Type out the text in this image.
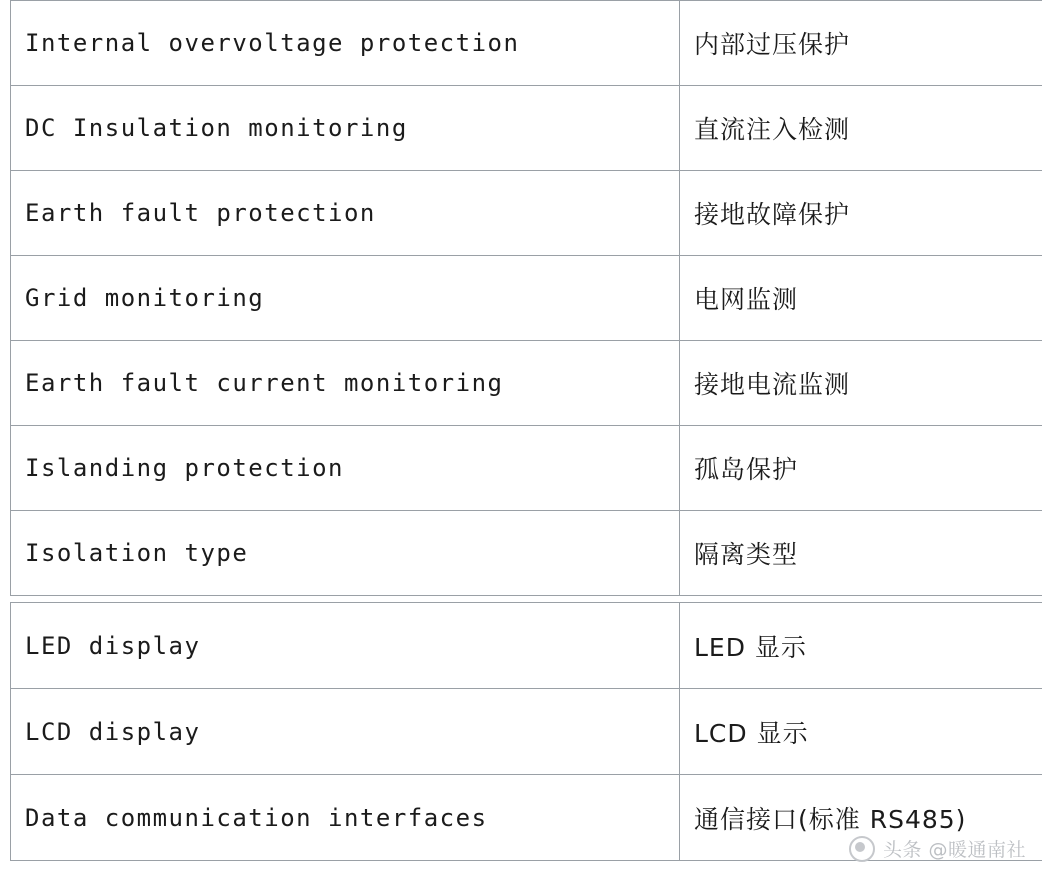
Internal overvoltage protection	内部过压保护
DC Insulation monitoring	直流注入检测
Earth fault protection	接地故障保护
Grid monitoring	电网监测
Earth fault current monitoring	接地电流监测
Islanding protection	孤岛保护
Isolation type	隔离类型
LED display	LED 显示
LCD display	LCD 显示
Data communication interfaces	通信接口(标准 RS485)
头条 @暖通南社
